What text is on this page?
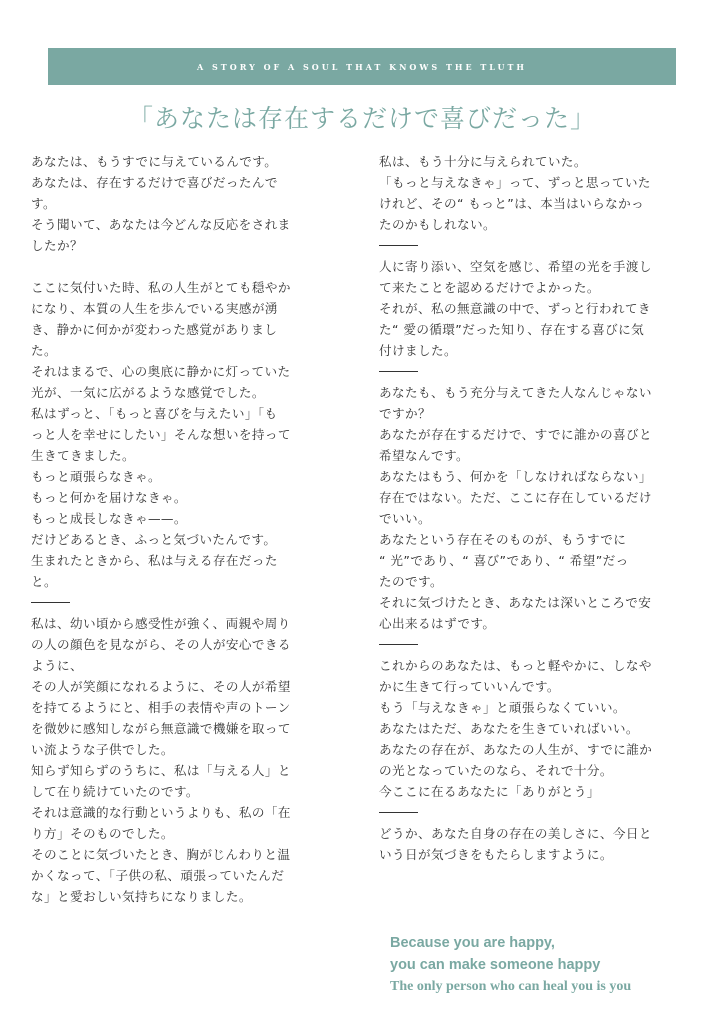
A STORY OF A SOUL THAT KNOWS THE TLUTH
「あなたは存在するだけで喜びだった」

あなたは、もうすでに与えているんです。

あなたは、存在するだけで喜びだったんで

す。

そう聞いて、あなたは今どんな反応をされま

したか？

ここに気付いた時、私の人生がとても穏やか

になり、本質の人生を歩んでいる実感が湧

き、静かに何かが変わった感覚がありまし

た。

それはまるで、心の奥底に静かに灯っていた

光が、一気に広がるような感覚でした。

私はずっと、「もっと喜びを与えたい」「も

っと人を幸せにしたい」そんな想いを持って

生きてきました。

もっと頑張らなきゃ。

もっと何かを届けなきゃ。

もっと成長しなきゃ——。

だけどあるとき、ふっと気づいたんです。

生まれたときから、私は与える存在だった

と。

私は、幼い頃から感受性が強く、両親や周り

の人の顔色を見ながら、その人が安心できる

ように、

その人が笑顔になれるように、その人が希望

を持てるようにと、相手の表情や声のトーン

を微妙に感知しながら無意識で機嫌を取って

い流ような子供でした。

知らず知らずのうちに、私は「与える人」と

して在り続けていたのです。

それは意識的な行動というよりも、私の「在

り方」そのものでした。

そのことに気づいたとき、胸がじんわりと温

かくなって、「子供の私、頑張っていたんだ

な」と愛おしい気持ちになりました。

私は、もう十分に与えられていた。

「もっと与えなきゃ」って、ずっと思っていた

けれど、その“ もっと”は、本当はいらなかっ

たのかもしれない。

人に寄り添い、空気を感じ、希望の光を手渡し

て来たことを認めるだけでよかった。

それが、私の無意識の中で、ずっと行われてき

た“ 愛の循環”だった知り、存在する喜びに気

付けました。

あなたも、もう充分与えてきた人なんじゃない

ですか？

あなたが存在するだけで、すでに誰かの喜びと

希望なんです。

あなたはもう、何かを「しなければならない」

存在ではない。ただ、ここに存在しているだけ

でいい。

あなたという存在そのものが、もうすでに

“ 光”であり、“ 喜び”であり、“ 希望”だっ

たのです。

それに気づけたとき、あなたは深いところで安

心出来るはずです。

これからのあなたは、もっと軽やかに、しなや

かに生きて行っていいんです。

もう「与えなきゃ」と頑張らなくていい。

あなたはただ、あなたを生きていればいい。

あなたの存在が、あなたの人生が、すでに誰か

の光となっていたのなら、それで十分。

今ここに在るあなたに「ありがとう」

どうか、あなた自身の存在の美しさに、今日と

いう日が気づきをもたらしますように。

Because you are happy,
you can make someone happy
The only person who can heal you is you
